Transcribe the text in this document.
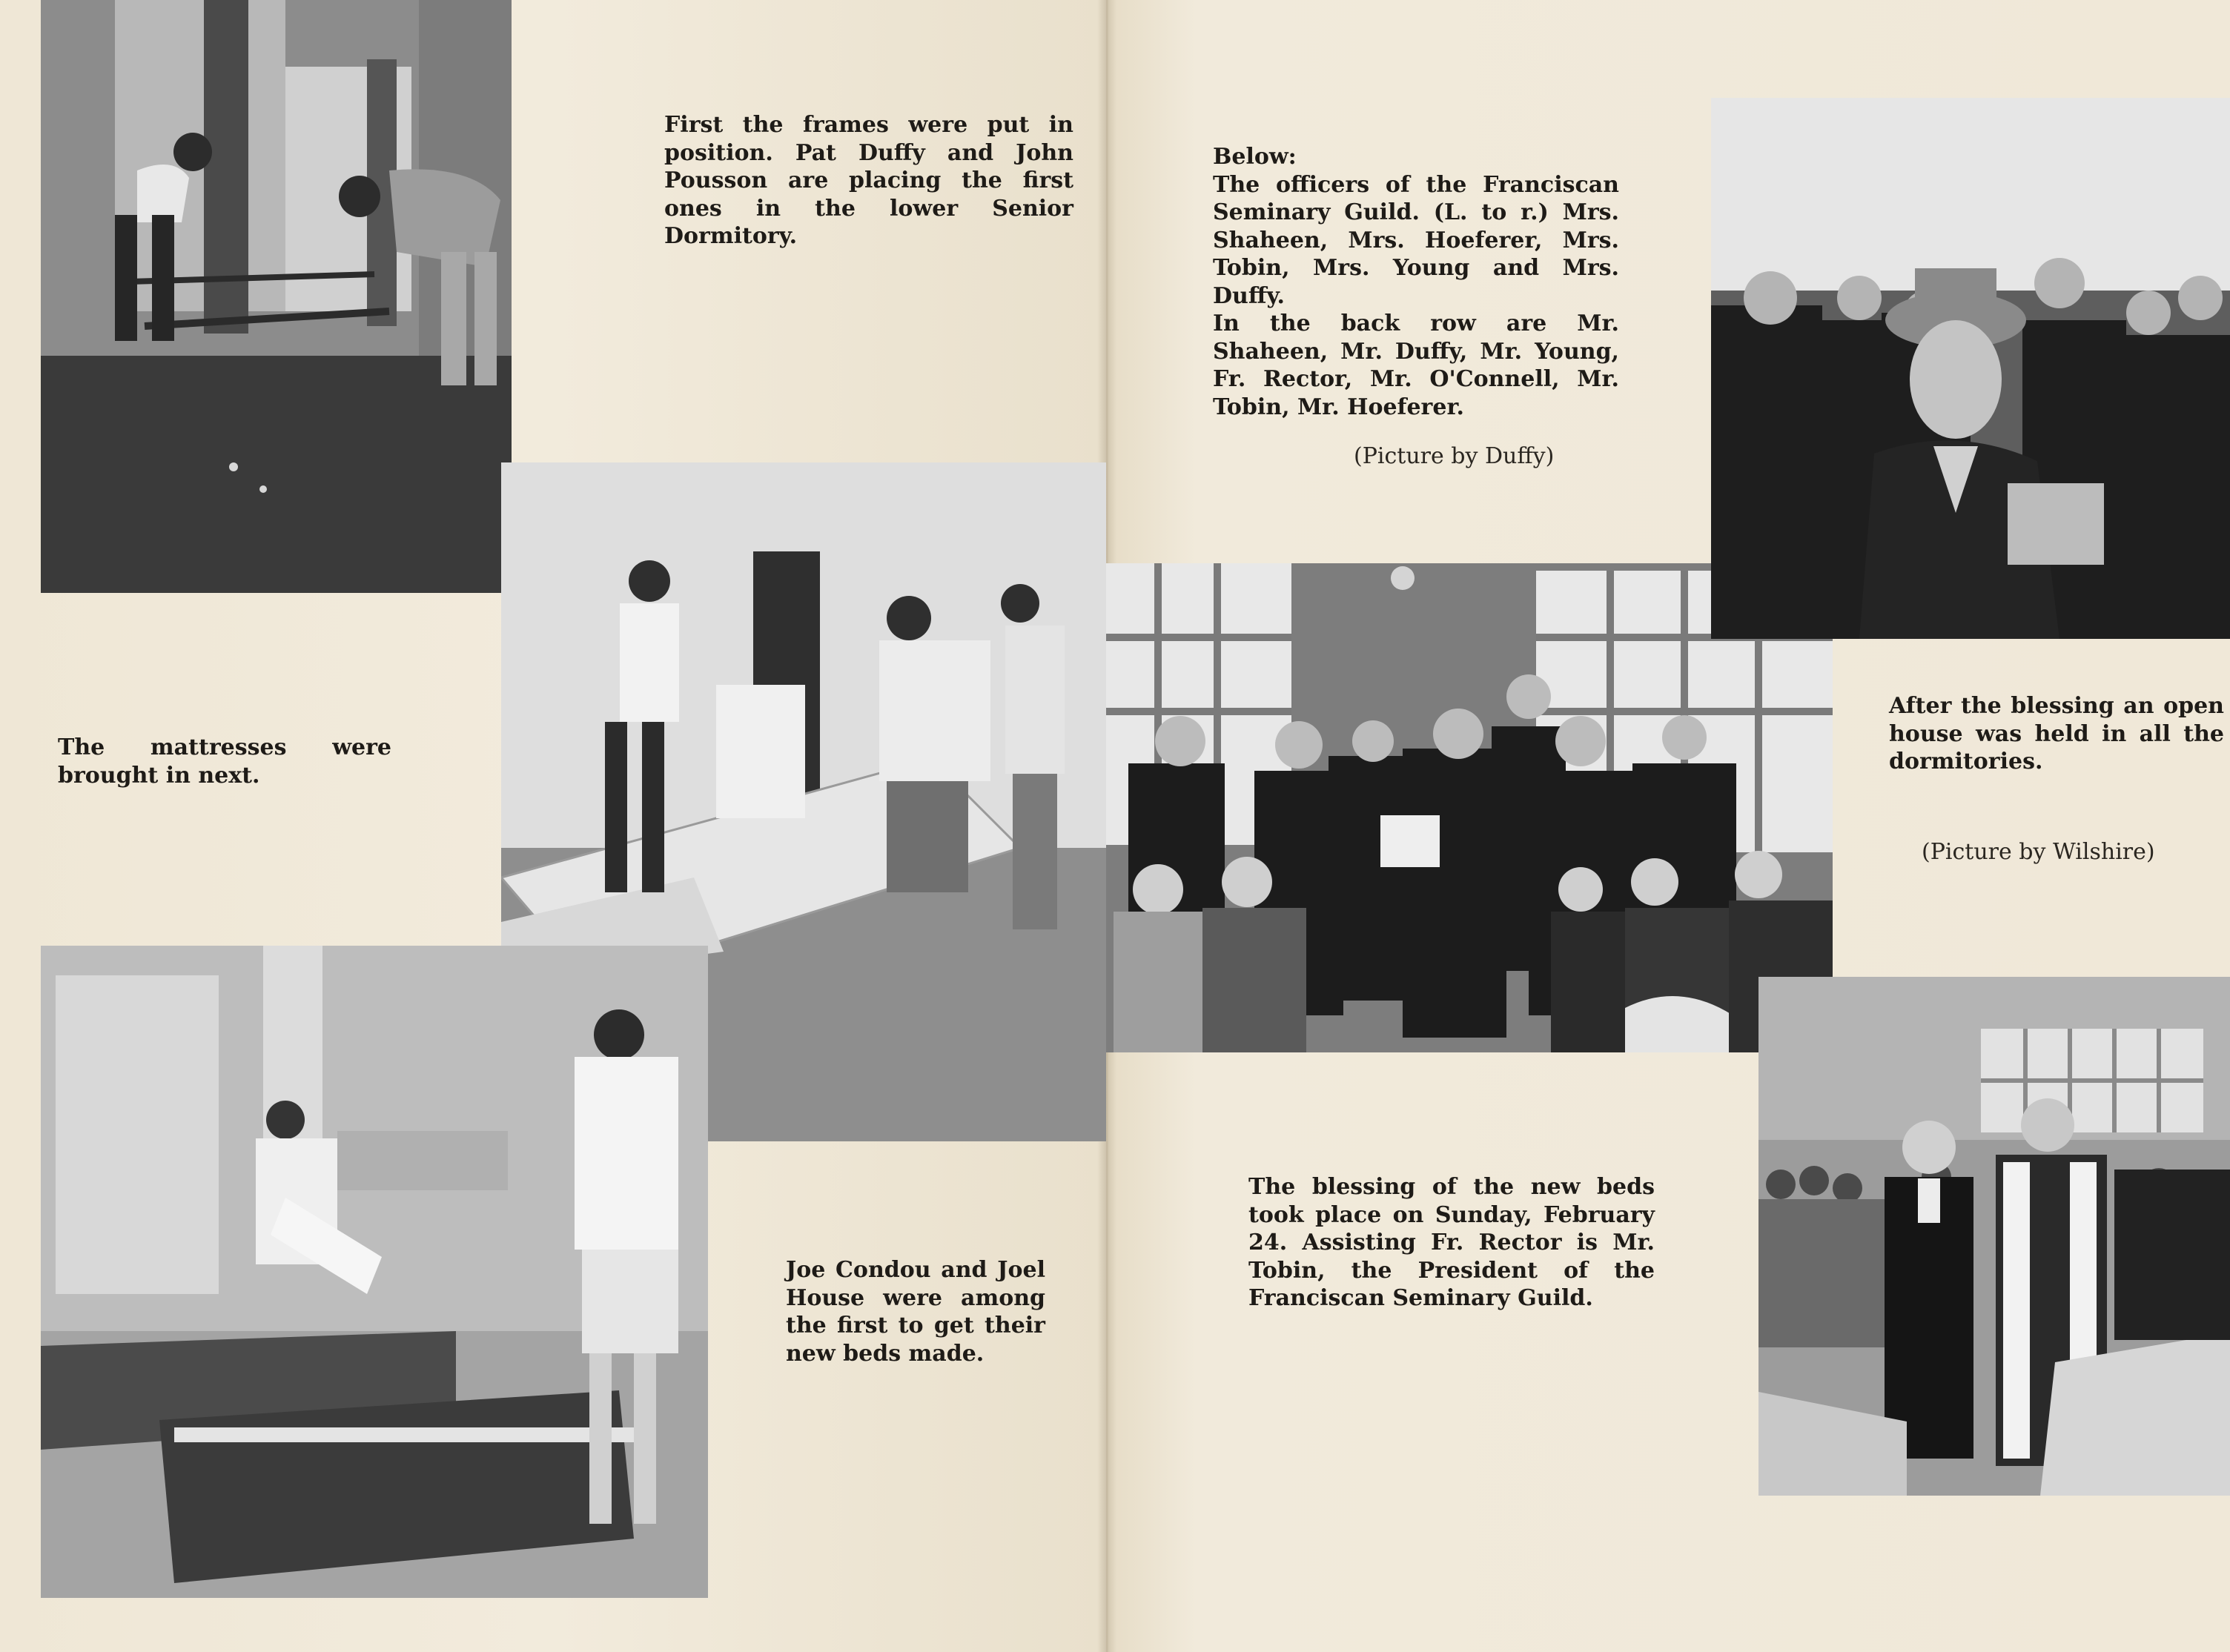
First the frames were put in position. Pat Duffy and John Pousson are placing the first ones in the lower Senior Dormitory.

The mattresses were brought in next.

Joe Condou and Joel House were among the first to get their new beds made.

Below:

The officers of the Franciscan Seminary Guild. (L. to r.) Mrs. Shaheen, Mrs. Hoeferer, Mrs. Tobin, Mrs. Young and Mrs. Duffy.

In the back row are Mr. Shaheen, Mr. Duffy, Mr. Young, Fr. Rector, Mr. O'Connell, Mr. Tobin, Mr. Hoeferer.

(Picture by Duffy)

The blessing of the new beds took place on Sunday, February 24. Assisting Fr. Rector is Mr. Tobin, the President of the Franciscan Seminary Guild.

After the blessing an open house was held in all the dormitories.

(Picture by Wilshire)
